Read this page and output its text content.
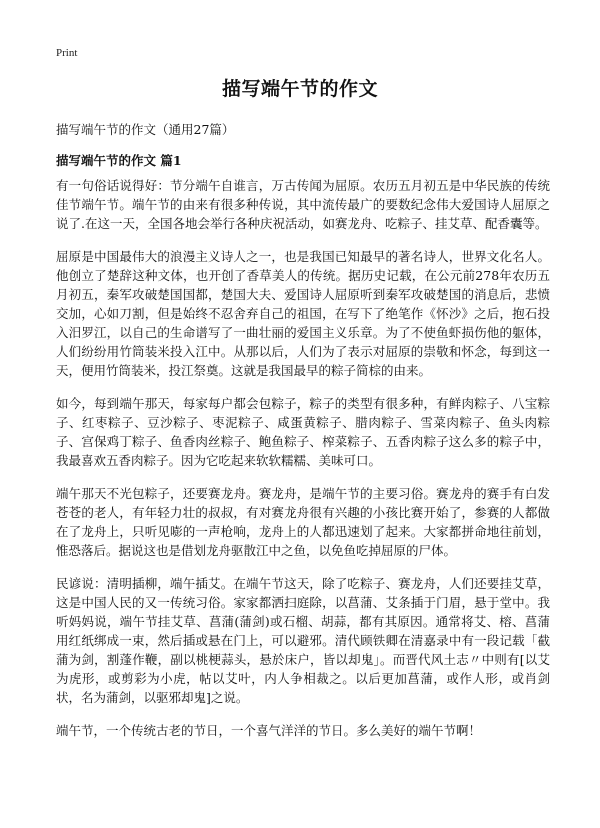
Print
描写端午节的作文
描写端午节的作文（通用27篇）
描写端午节的作文 篇1

有一句俗话说得好：节分端午自谁言，万古传闻为屈原。农历五月初五是中华民族的传统佳节端午节。端午节的由来有很多种传说，其中流传最广的要数纪念伟大爱国诗人屈原之说了.在这一天，全国各地会举行各种庆祝活动，如赛龙舟、吃粽子、挂艾草、配香囊等。

屈原是中国最伟大的浪漫主义诗人之一，也是我国已知最早的著名诗人，世界文化名人。他创立了楚辞这种文体，也开创了香草美人的传统。据历史记载，在公元前278年农历五月初五，秦军攻破楚国国都，楚国大夫、爱国诗人屈原听到秦军攻破楚国的消息后，悲愤交加，心如刀割，但是始终不忍舍弃自己的祖国，在写下了绝笔作《怀沙》之后，抱石投入汨罗江，以自己的生命谱写了一曲壮丽的爱国主义乐章。为了不使鱼虾损伤他的躯体，人们纷纷用竹筒装米投入江中。从那以后，人们为了表示对屈原的崇敬和怀念，每到这一天，便用竹筒装米，投江祭奠。这就是我国最早的粽子简棕的由来。

如今，每到端午那天，每家每户都会包粽子，粽子的类型有很多种，有鲜肉粽子、八宝粽子、红枣粽子、豆沙粽子、枣泥粽子、咸蛋黄粽子、腊肉粽子、雪菜肉粽子、鱼头肉粽子、宫保鸡丁粽子、鱼香肉丝粽子、鲍鱼粽子、榨菜粽子、五香肉粽子这么多的粽子中，我最喜欢五香肉粽子。因为它吃起来软软糯糯、美味可口。

端午那天不光包粽子，还要赛龙舟。赛龙舟，是端午节的主要习俗。赛龙舟的赛手有白发苍苍的老人，有年轻力壮的叔叔，有对赛龙舟很有兴趣的小孩比赛开始了，参赛的人都做在了龙舟上，只听见嘭的一声枪响，龙舟上的人都迅速划了起来。大家都拼命地往前划，惟恐落后。据说这也是借划龙舟驱散江中之鱼，以免鱼吃掉屈原的尸体。

民谚说：清明插柳，端午插艾。在端午节这天，除了吃粽子、赛龙舟，人们还要挂艾草，这是中国人民的又一传统习俗。家家都洒扫庭除，以菖蒲、艾条插于门眉，悬于堂中。我听妈妈说，端午节挂艾草、菖蒲(蒲剑)或石榴、胡蒜，都有其原因。通常将艾、榕、菖蒲用红纸绑成一束，然后插或悬在门上，可以避邪。清代顾铁卿在清嘉录中有一段记载「截蒲为剑，割蓬作鞭，副以桃梗蒜头，悬於床户，皆以却鬼」。而晋代风土志〃中则有[以艾为虎形，或剪彩为小虎，帖以艾叶，内人争相裁之。以后更加菖蒲，或作人形，或肖剑状，名为蒲剑，以驱邪却鬼]之说。

端午节，一个传统古老的节日，一个喜气洋洋的节日。多么美好的端午节啊！
